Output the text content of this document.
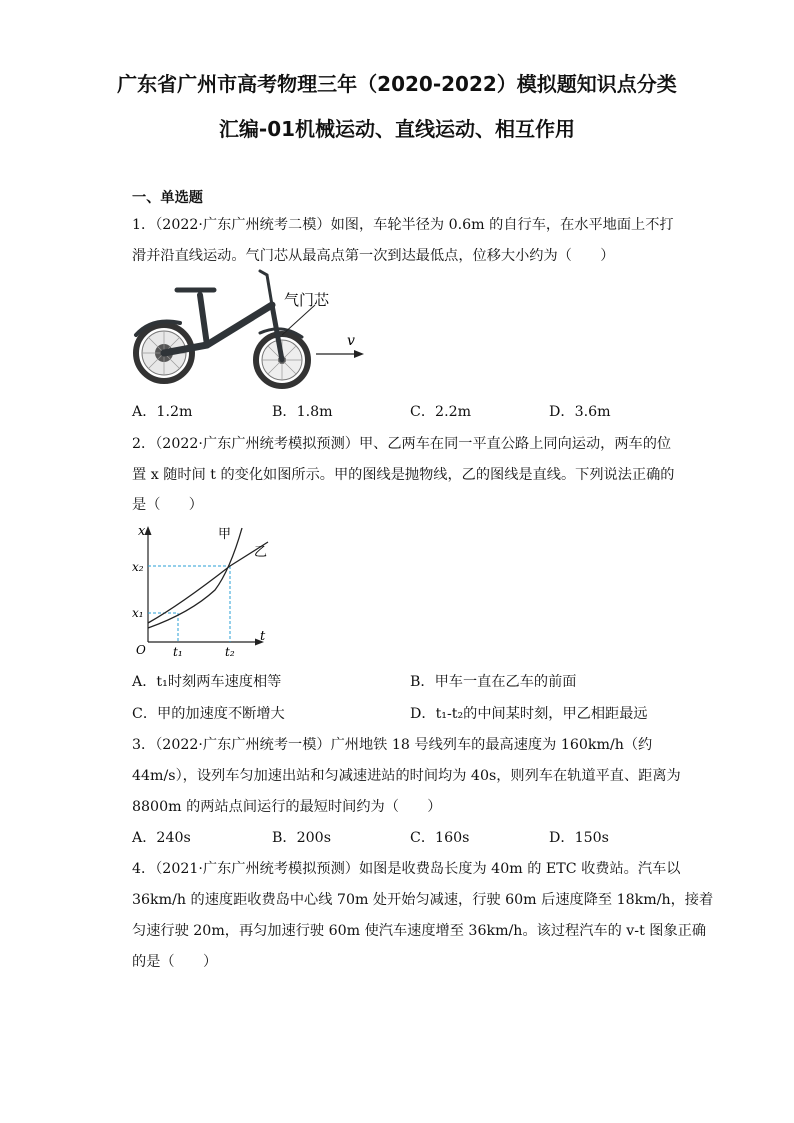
广东省广州市高考物理三年（2020-2022）模拟题知识点分类
汇编-01机械运动、直线运动、相互作用
一、单选题
1．（2022·广东广州统考二模）如图，车轮半径为 0.6m 的自行车，在水平地面上不打
滑并沿直线运动。气门芯从最高点第一次到达最低点，位移大小约为（　　）
气门芯
v
A．1.2m	B．1.8m	C．2.2m	D．3.6m
2．（2022·广东广州统考模拟预测）甲、乙两车在同一平直公路上同向运动，两车的位
置 x 随时间 t 的变化如图所示。甲的图线是抛物线，乙的图线是直线。下列说法正确的
是（　　）
x
t
O
甲
乙
x₁
x₂
t₁	t₂
A．t₁时刻两车速度相等	B．甲车一直在乙车的前面
C．甲的加速度不断增大	D．t₁-t₂的中间某时刻，甲乙相距最远
3．（2022·广东广州统考一模）广州地铁 18 号线列车的最高速度为 160km/h（约
44m/s），设列车匀加速出站和匀减速进站的时间均为 40s，则列车在轨道平直、距离为
8800m 的两站点间运行的最短时间约为（　　）
A．240s	B．200s	C．160s	D．150s
4．（2021·广东广州统考模拟预测）如图是收费岛长度为 40m 的 ETC 收费站。汽车以
36km/h 的速度距收费岛中心线 70m 处开始匀减速，行驶 60m 后速度降至 18km/h，接着
匀速行驶 20m，再匀加速行驶 60m 使汽车速度增至 36km/h。该过程汽车的 v-t 图象正确
的是（　　）
